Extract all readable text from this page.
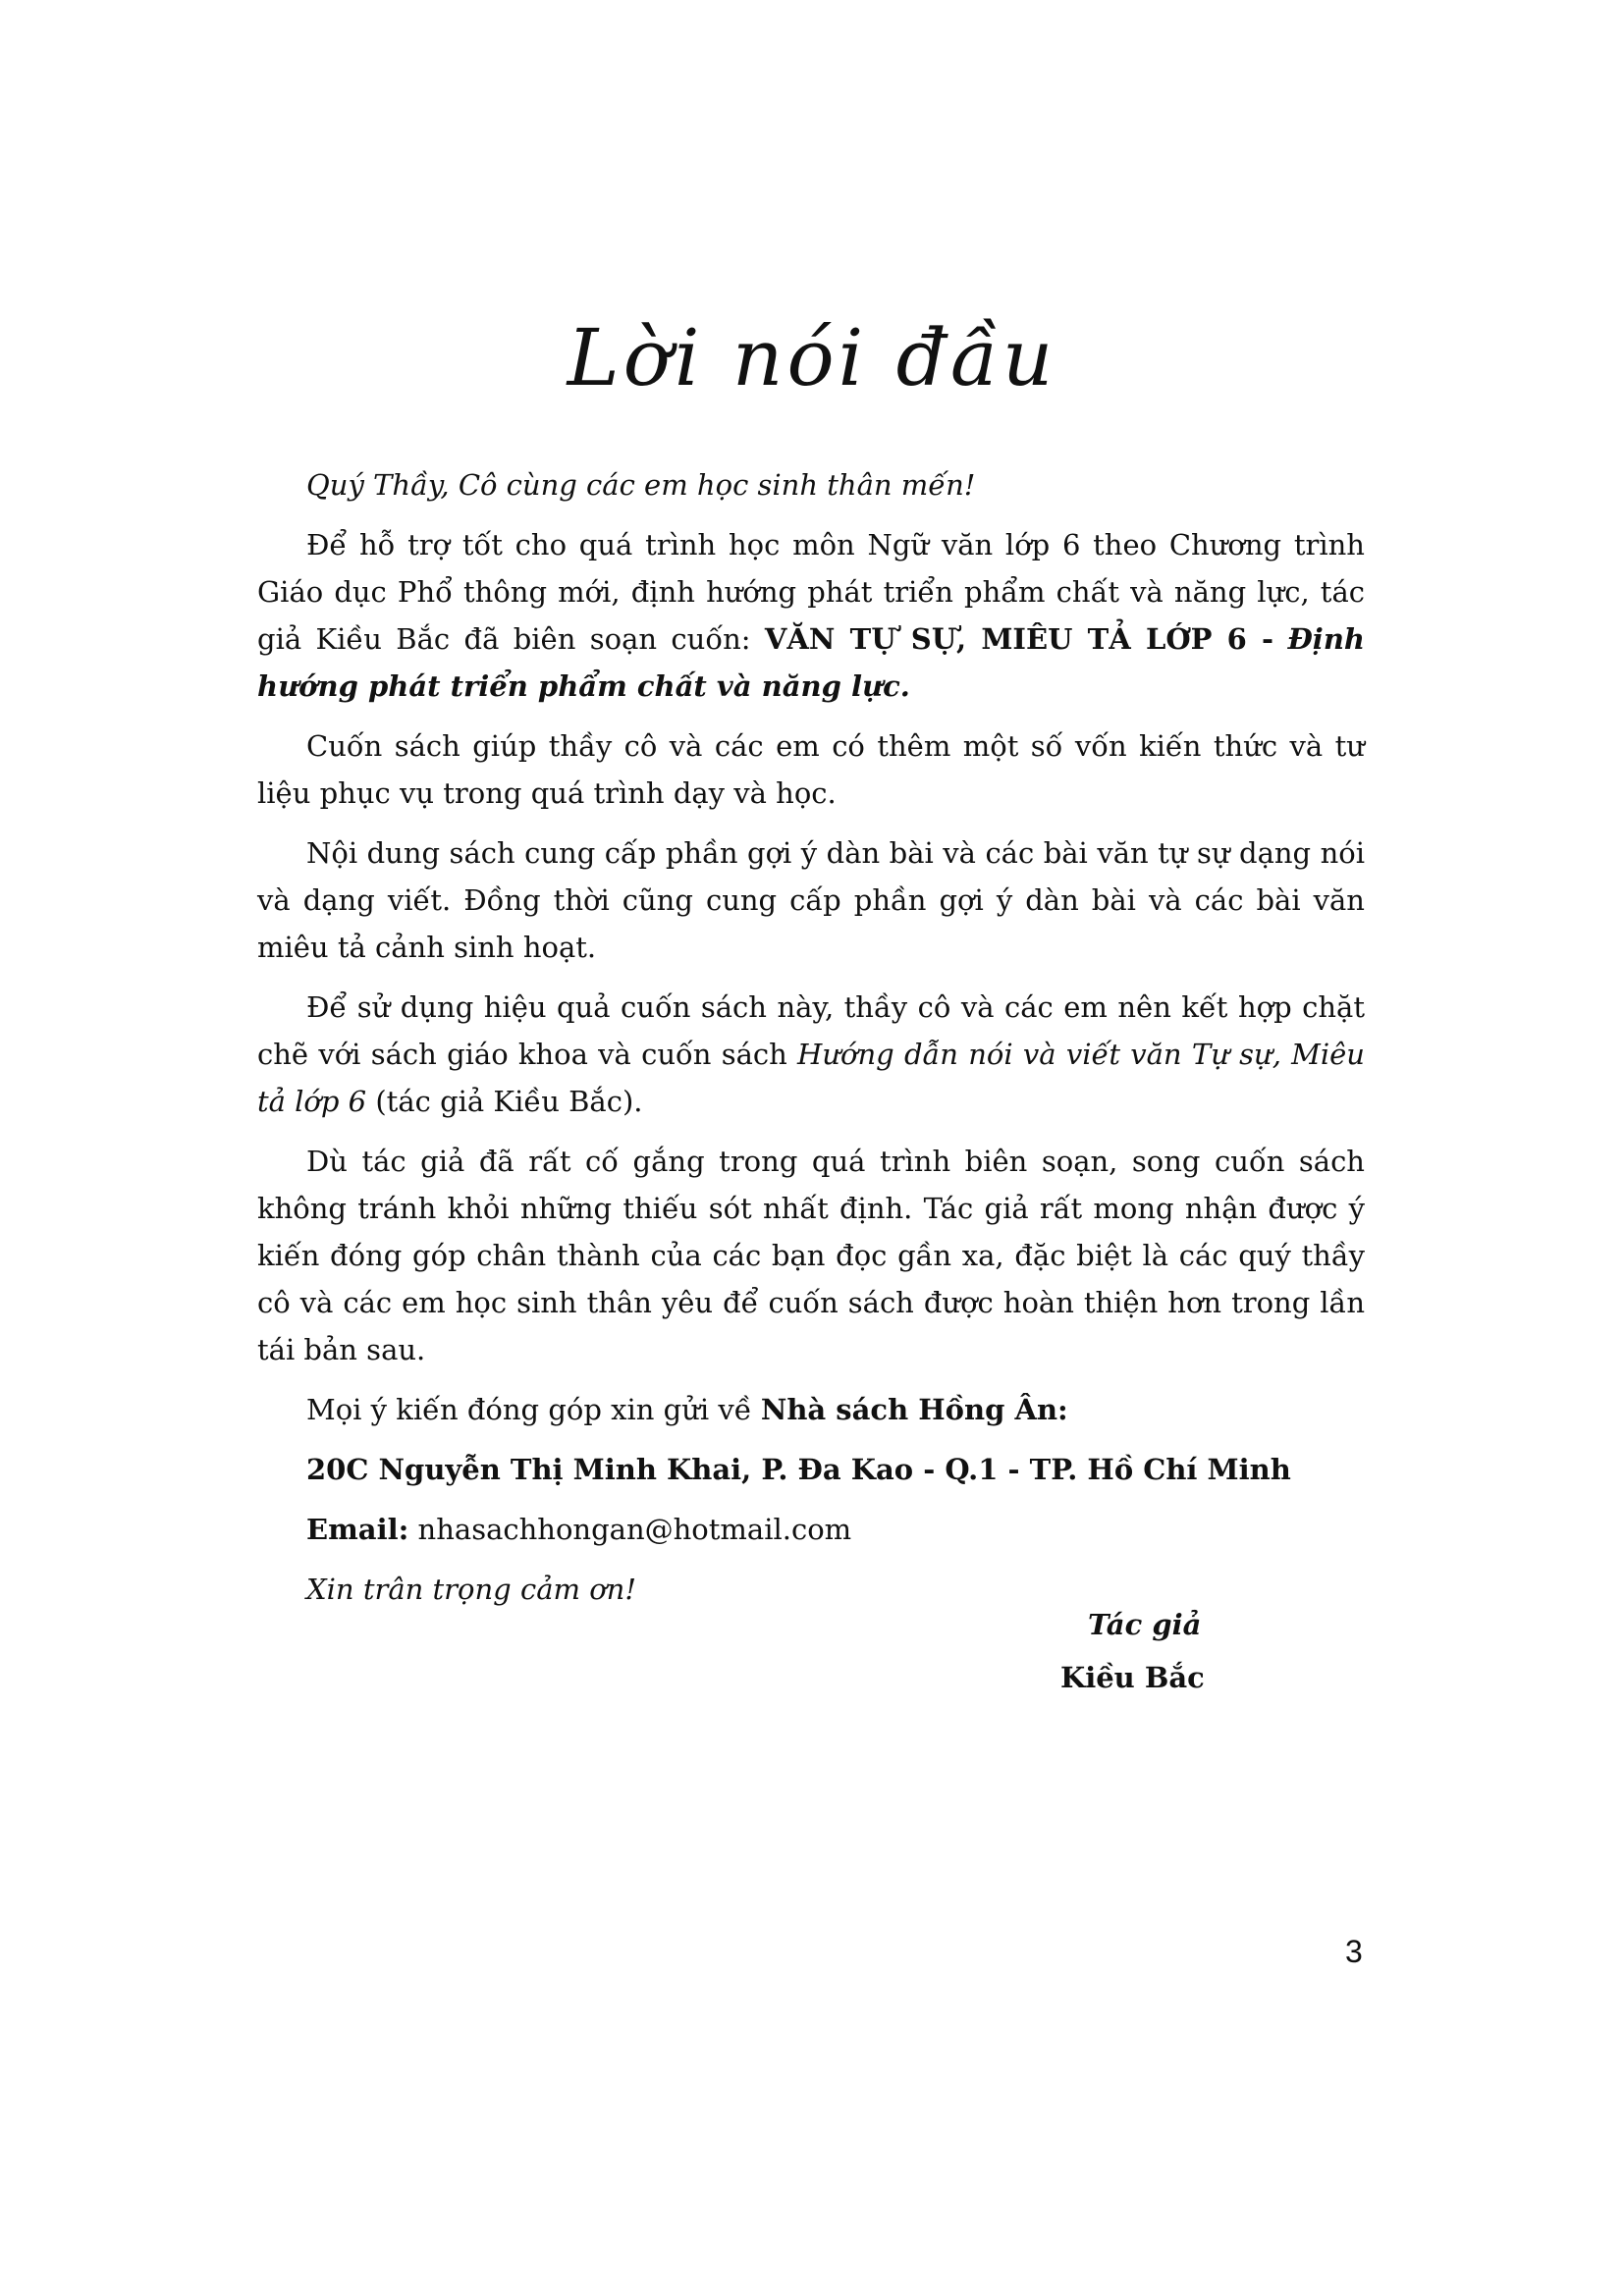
Lời nói đầu

Quý Thầy, Cô cùng các em học sinh thân mến!

Để hỗ trợ tốt cho quá trình học môn Ngữ văn lớp 6 theo Chương trình Giáo dục Phổ thông mới, định hướng phát triển phẩm chất và năng lực, tác giả Kiều Bắc đã biên soạn cuốn: VĂN TỰ SỰ, MIÊU TẢ LỚP 6 - Định hướng phát triển phẩm chất và năng lực.

Cuốn sách giúp thầy cô và các em có thêm một số vốn kiến thức và tư liệu phục vụ trong quá trình dạy và học.

Nội dung sách cung cấp phần gợi ý dàn bài và các bài văn tự sự dạng nói và dạng viết. Đồng thời cũng cung cấp phần gợi ý dàn bài và các bài văn miêu tả cảnh sinh hoạt.

Để sử dụng hiệu quả cuốn sách này, thầy cô và các em nên kết hợp chặt chẽ với sách giáo khoa và cuốn sách Hướng dẫn nói và viết văn Tự sự, Miêu tả lớp 6 (tác giả Kiều Bắc).

Dù tác giả đã rất cố gắng trong quá trình biên soạn, song cuốn sách không tránh khỏi những thiếu sót nhất định. Tác giả rất mong nhận được ý kiến đóng góp chân thành của các bạn đọc gần xa, đặc biệt là các quý thầy cô và các em học sinh thân yêu để cuốn sách được hoàn thiện hơn trong lần tái bản sau.

Mọi ý kiến đóng góp xin gửi về Nhà sách Hồng Ân:

20C Nguyễn Thị Minh Khai, P. Đa Kao - Q.1 - TP. Hồ Chí Minh

Email: nhasachhongan@hotmail.com

Xin trân trọng cảm ơn!

Tác giả
Kiều Bắc
3
